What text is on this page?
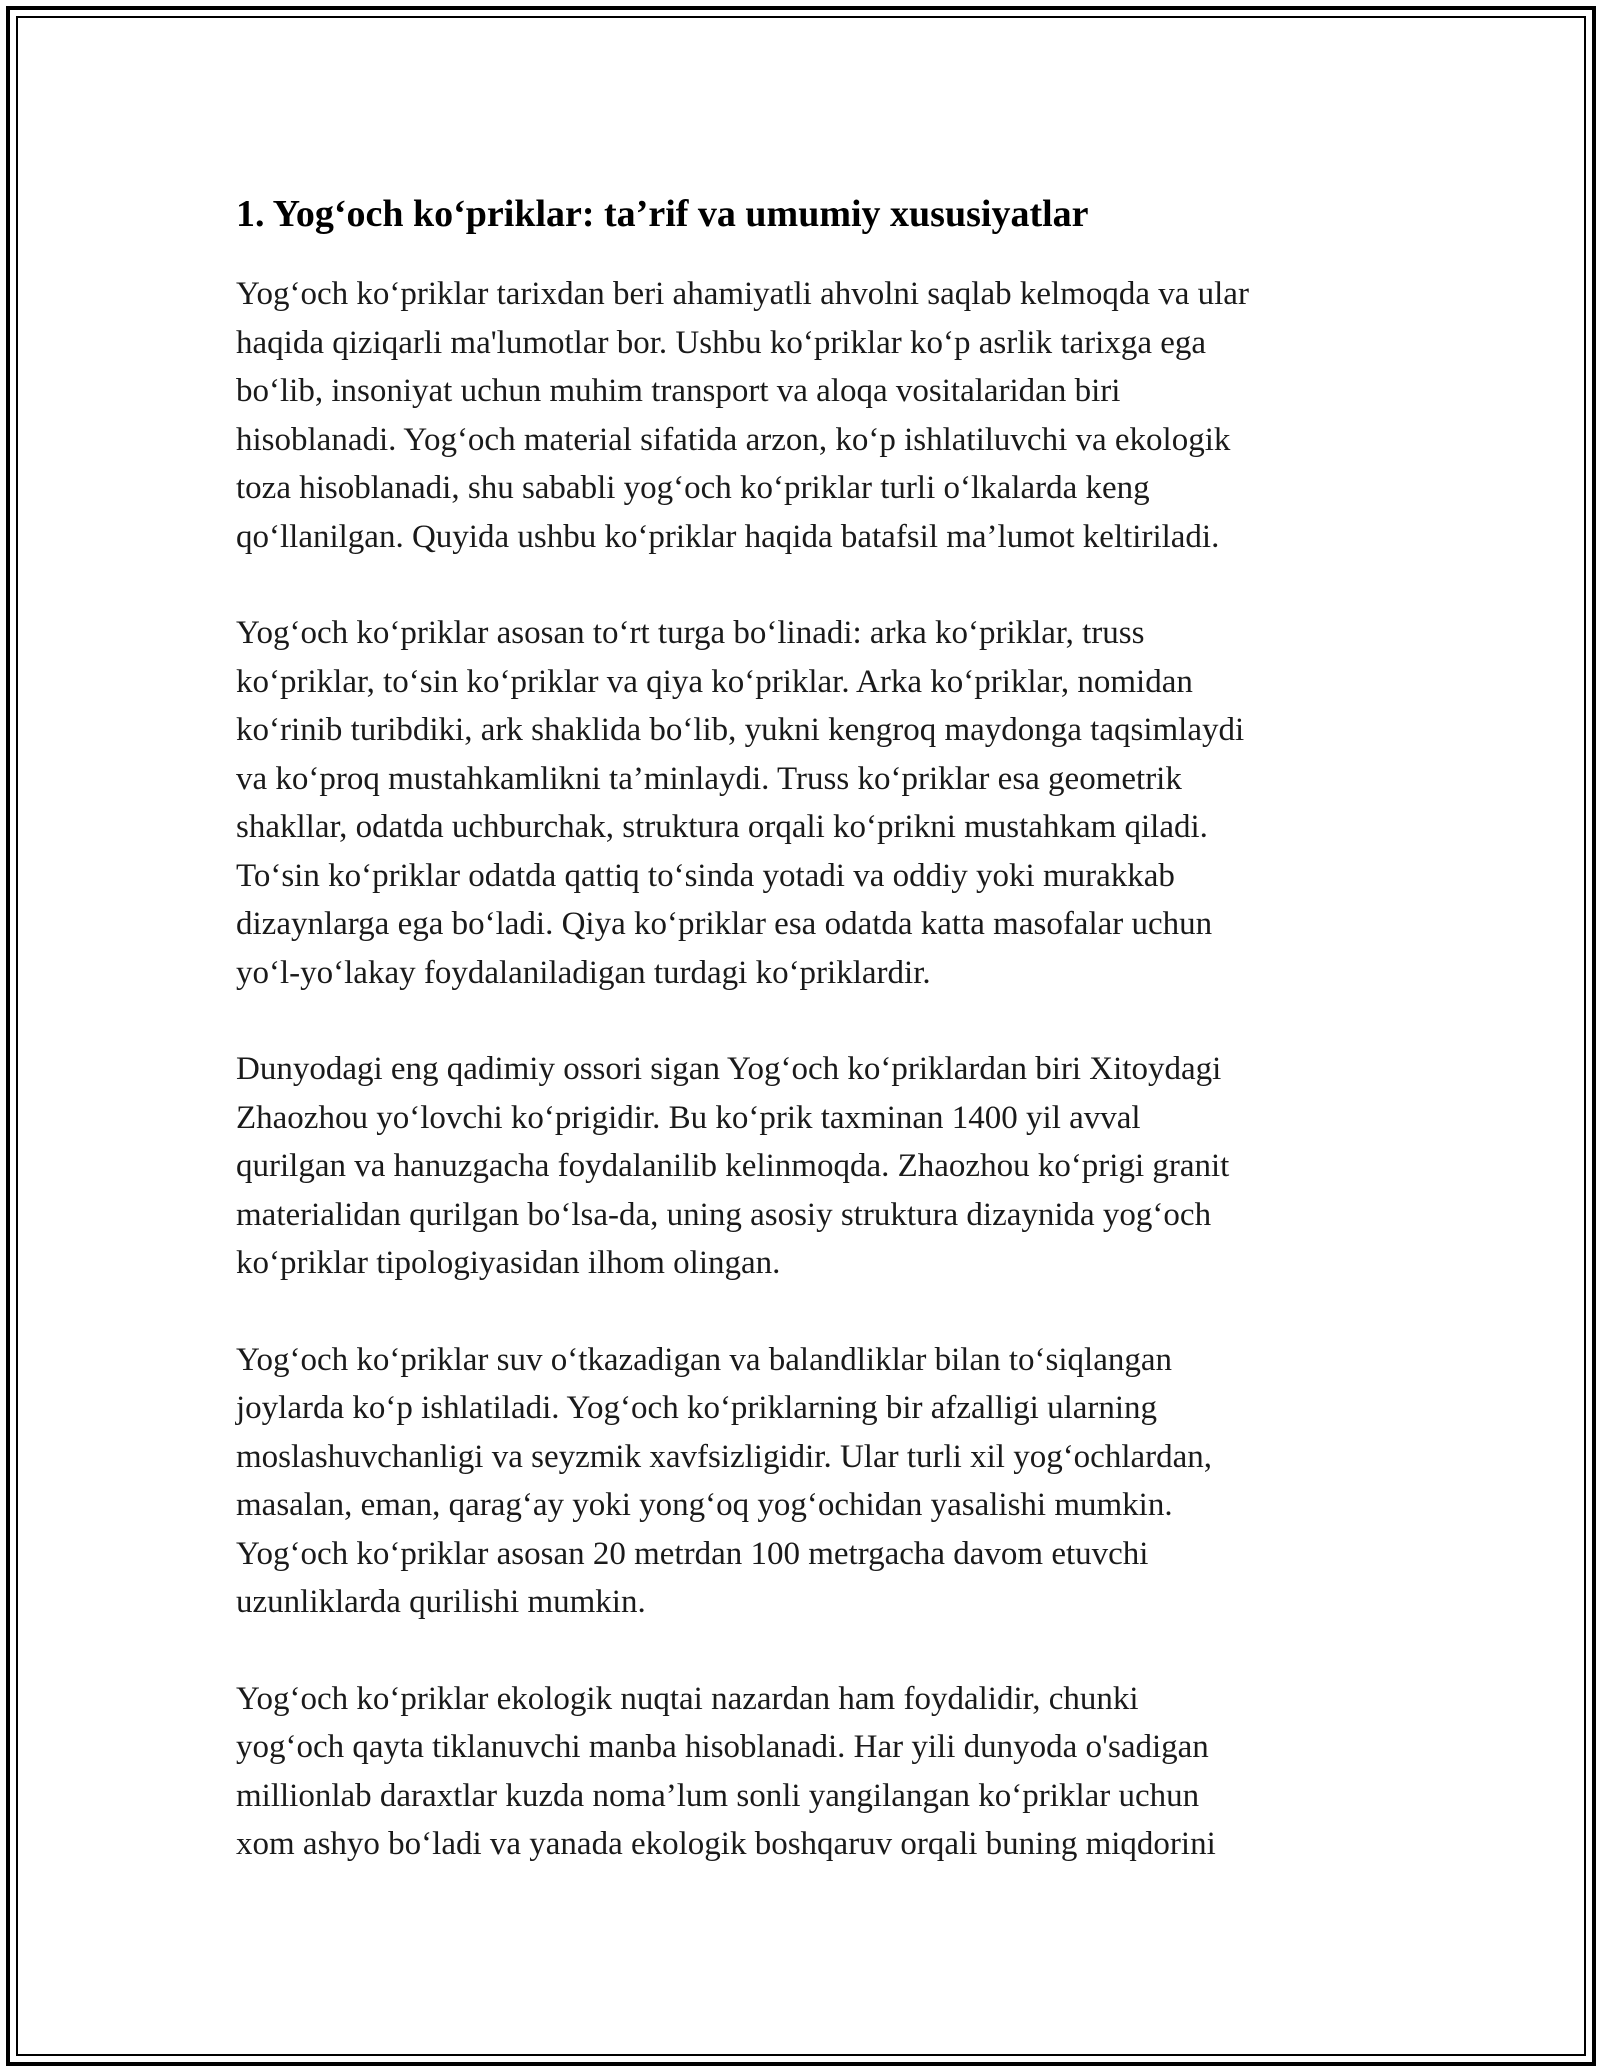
1. Yog‘och ko‘priklar: ta’rif va umumiy xususiyatlar

Yog‘och ko‘priklar tarixdan beri ahamiyatli ahvolni saqlab kelmoqda va ular
haqida qiziqarli ma'lumotlar bor. Ushbu ko‘priklar ko‘p asrlik tarixga ega
bo‘lib, insoniyat uchun muhim transport va aloqa vositalaridan biri
hisoblanadi. Yog‘och material sifatida arzon, ko‘p ishlatiluvchi va ekologik
toza hisoblanadi, shu sababli yog‘och ko‘priklar turli o‘lkalarda keng
qo‘llanilgan. Quyida ushbu ko‘priklar haqida batafsil ma’lumot keltiriladi.

Yog‘och ko‘priklar asosan to‘rt turga bo‘linadi: arka ko‘priklar, truss
ko‘priklar, to‘sin ko‘priklar va qiya ko‘priklar. Arka ko‘priklar, nomidan
ko‘rinib turibdiki, ark shaklida bo‘lib, yukni kengroq maydonga taqsimlaydi
va ko‘proq mustahkamlikni ta’minlaydi. Truss ko‘priklar esa geometrik
shakllar, odatda uchburchak, struktura orqali ko‘prikni mustahkam qiladi.
To‘sin ko‘priklar odatda qattiq to‘sinda yotadi va oddiy yoki murakkab
dizaynlarga ega bo‘ladi. Qiya ko‘priklar esa odatda katta masofalar uchun
yo‘l-yo‘lakay foydalaniladigan turdagi ko‘priklardir.

Dunyodagi eng qadimiy ossori sigan Yog‘och ko‘priklardan biri Xitoydagi
Zhaozhou yo‘lovchi ko‘prigidir. Bu ko‘prik taxminan 1400 yil avval
qurilgan va hanuzgacha foydalanilib kelinmoqda. Zhaozhou ko‘prigi granit
materialidan qurilgan bo‘lsa-da, uning asosiy struktura dizaynida yog‘och
ko‘priklar tipologiyasidan ilhom olingan.

Yog‘och ko‘priklar suv o‘tkazadigan va balandliklar bilan to‘siqlangan
joylarda ko‘p ishlatiladi. Yog‘och ko‘priklarning bir afzalligi ularning
moslashuvchanligi va seyzmik xavfsizligidir. Ular turli xil yog‘ochlardan,
masalan, eman, qarag‘ay yoki yong‘oq yog‘ochidan yasalishi mumkin.
Yog‘och ko‘priklar asosan 20 metrdan 100 metrgacha davom etuvchi
uzunliklarda qurilishi mumkin.

Yog‘och ko‘priklar ekologik nuqtai nazardan ham foydalidir, chunki
yog‘och qayta tiklanuvchi manba hisoblanadi. Har yili dunyoda o'sadigan
millionlab daraxtlar kuzda noma’lum sonli yangilangan ko‘priklar uchun
xom ashyo bo‘ladi va yanada ekologik boshqaruv orqali buning miqdorini
